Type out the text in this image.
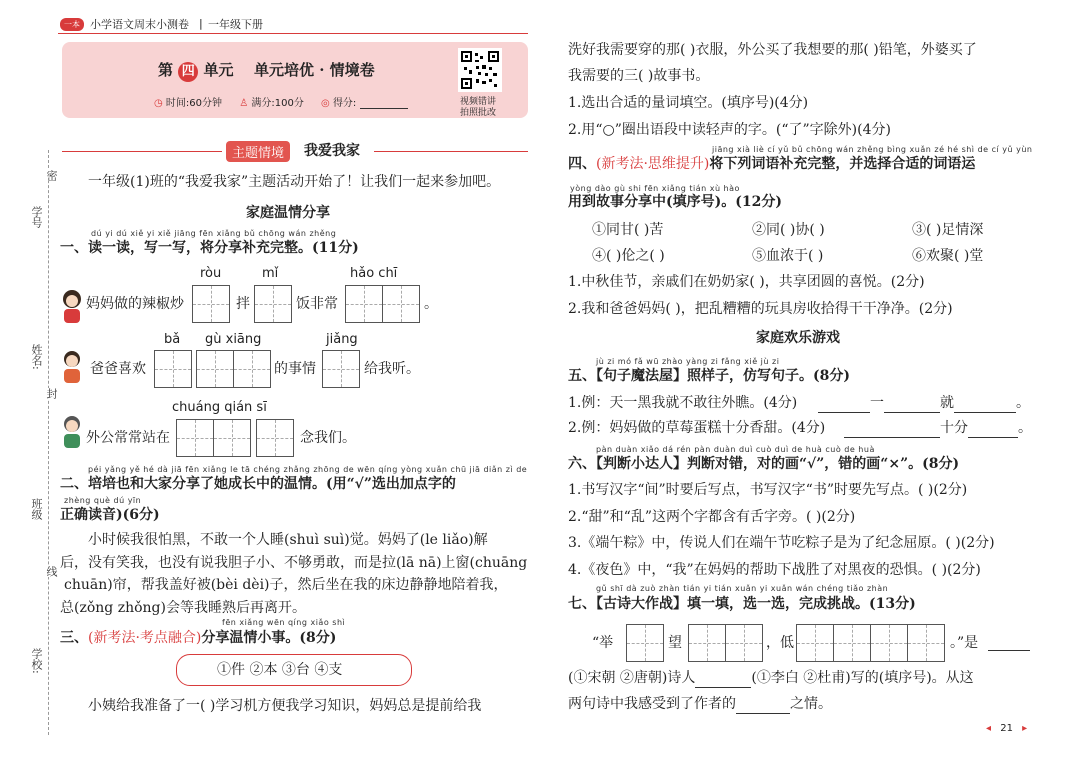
一本 小学语文周末小测卷 | 一年级下册
第 四 单元 单元培优 · 情境卷
◷ 时间:60分钟 ♙ 满分:100分 ◎ 得分:	视频错讲
拍照批改
学校:
线
班级
姓名:
封
学号
密
主题情境	我爱我家
一年级(1)班的“我爱我家”主题活动开始了！让我们一起来参加吧。
家庭温情分享
dú yi dú xiě yi xiě jiāng fēn xiǎng bǔ chōng wán zhěng
一、读一读，写一写，将分享补充完整。(11分)
妈妈做的辣椒炒
ròu
拌
mǐ
饭非常
hǎo chī
。
爸爸喜欢
bǎ gù xiāng
的事情
jiǎng
给我听。
外公常常站在
chuáng qián sī
念我们。
péi yǎng yě hé dà jiā fēn xiǎng le tā chéng zhǎng zhōng de wēn qíng yòng xuǎn chū jiā diǎn zì de
二、培培也和大家分享了她成长中的温情。(用“√”选出加点字的
zhèng què dú yīn
正确读音)(6分)
小时候我很怕黑，不敢一个人睡(shuì suì)觉。妈妈了(le liǎo)解
后，没有笑我，也没有说我胆子小、不够勇敢，而是拉(lā nā)上窗(chuāng
chuān)帘，帮我盖好被(bèi dèi)子，然后坐在我的床边静静地陪着我，
总(zǒng zhǒng)会等我睡熟后再离开。
fēn xiǎng wēn qíng xiǎo shì
三、(新考法·考点融合)分享温情小事。(8分)
①件 ②本 ③台 ④支
小姨给我准备了一( )学习机方便我学习知识，妈妈总是提前给我
洗好我需要穿的那( )衣服，外公买了我想要的那( )铅笔，外婆买了
我需要的三( )故事书。
1.选出合适的量词填空。(填序号)(4分)
2.用“○”圈出语段中读轻声的字。(“了”字除外)(4分)
jiāng xià liè cí yǔ bǔ chōng wán zhěng bìng xuǎn zé hé shì de cí yǔ yùn
四、(新考法·思维提升)将下列词语补充完整，并选择合适的词语运
yòng dào gù shi fēn xiǎng tián xù hào
用到故事分享中(填序号)。(12分)
①同甘( )苦	②同( )协( )	③( )足情深
④( )伦之( )	⑤血浓于( )	⑥欢聚( )堂
1.中秋佳节，亲戚们在奶奶家( )，共享团圆的喜悦。(2分)
2.我和爸爸妈妈( )，把乱糟糟的玩具房收拾得干干净净。(2分)
家庭欢乐游戏
jù zi mó fǎ wū zhào yàng zi fǎng xiě jù zi
五、【句子魔法屋】照样子，仿写句子。(8分)
1.例：天一黑我就不敢往外瞧。(4分)	一	就	。
2.例：妈妈做的草莓蛋糕十分香甜。(4分)	十分	。
pàn duàn xiǎo dá rén pàn duàn duì cuò duì de huà cuò de huà
六、【判断小达人】判断对错，对的画“√”，错的画“×”。(8分)
1.书写汉字“间”时要后写点，书写汉字“书”时要先写点。( )(2分)
2.“甜”和“乱”这两个字都含有舌字旁。( )(2分)
3.《端午粽》中，传说人们在端午节吃粽子是为了纪念屈原。( )(2分)
4.《夜色》中，“我”在妈妈的帮助下战胜了对黑夜的恐惧。( )(2分)
gǔ shī dà zuò zhàn tián yi tián xuǎn yi xuǎn wán chéng tiǎo zhàn
七、【古诗大作战】填一填，选一选，完成挑战。(13分)
“举	望	，低	。”是
(①宋朝 ②唐朝)诗人	(①李白 ②杜甫)写的(填序号)。从这
两句诗中我感受到了作者的	之情。
◂ 21 ▸
